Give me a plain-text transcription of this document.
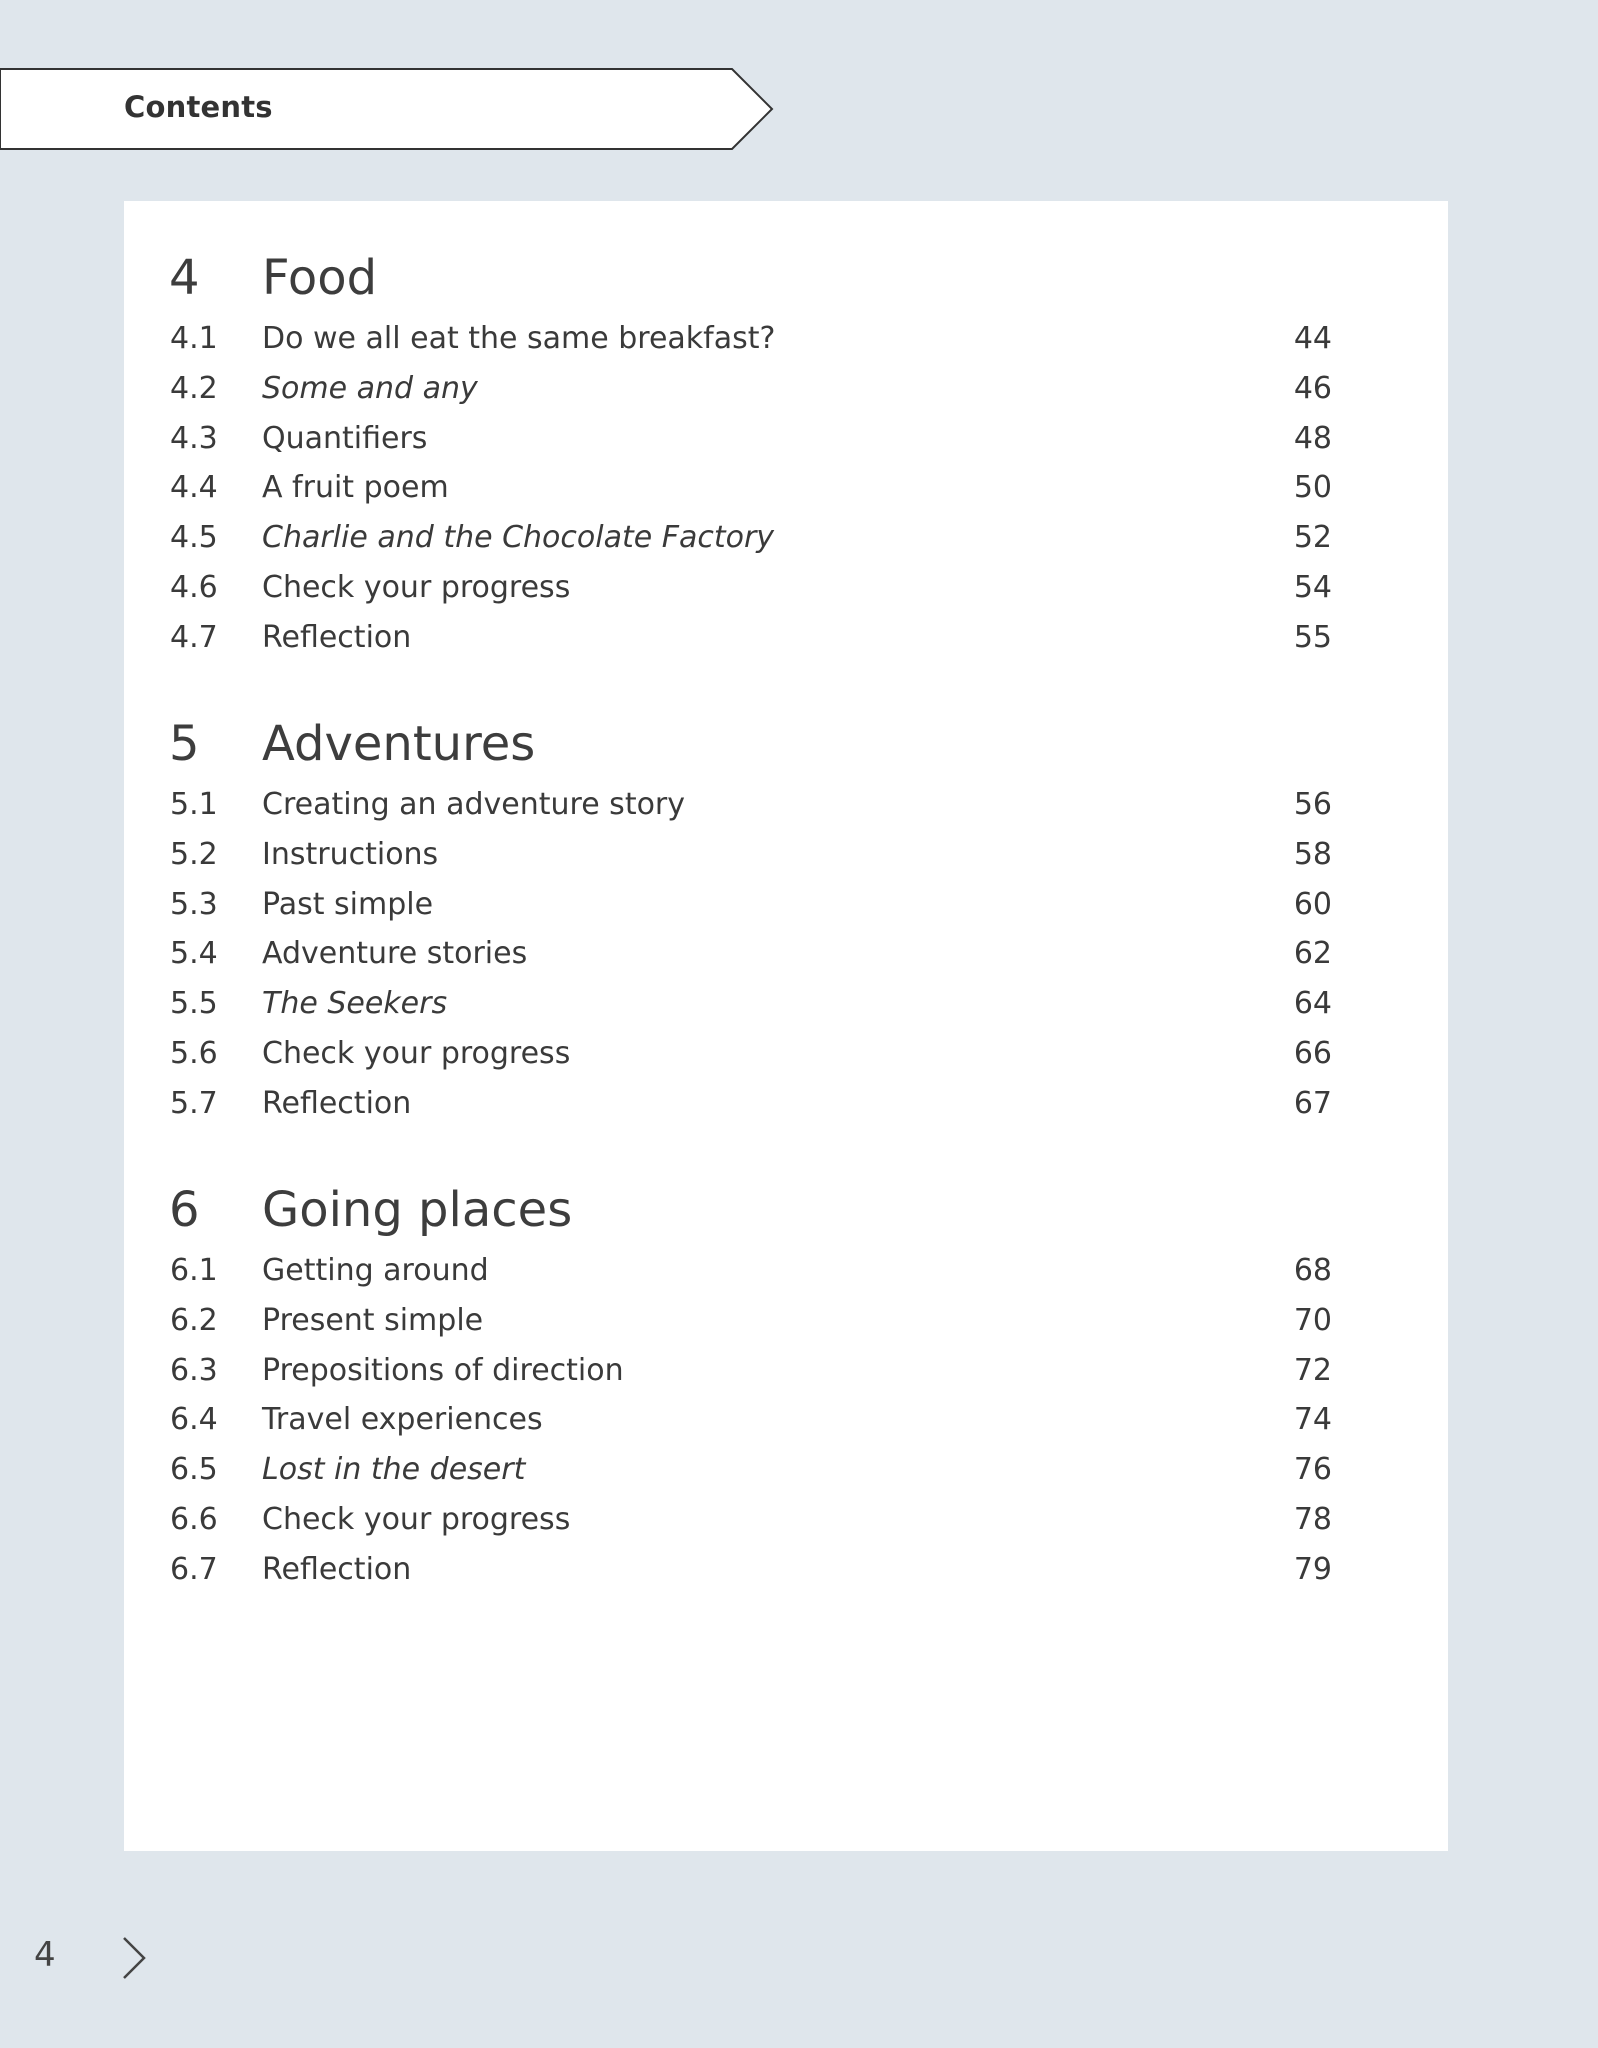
Contents
4 Food
4.1 Do we all eat the same breakfast?	44
4.2 Some and any	46
4.3 Quantifiers	48
4.4 A fruit poem	50
4.5 Charlie and the Chocolate Factory	52
4.6 Check your progress	54
4.7 Reflection	55
5 Adventures
5.1 Creating an adventure story	56
5.2 Instructions	58
5.3 Past simple	60
5.4 Adventure stories	62
5.5 The Seekers	64
5.6 Check your progress	66
5.7 Reflection	67
6 Going places
6.1 Getting around	68
6.2 Present simple	70
6.3 Prepositions of direction	72
6.4 Travel experiences	74
6.5 Lost in the desert	76
6.6 Check your progress	78
6.7 Reflection	79
4
